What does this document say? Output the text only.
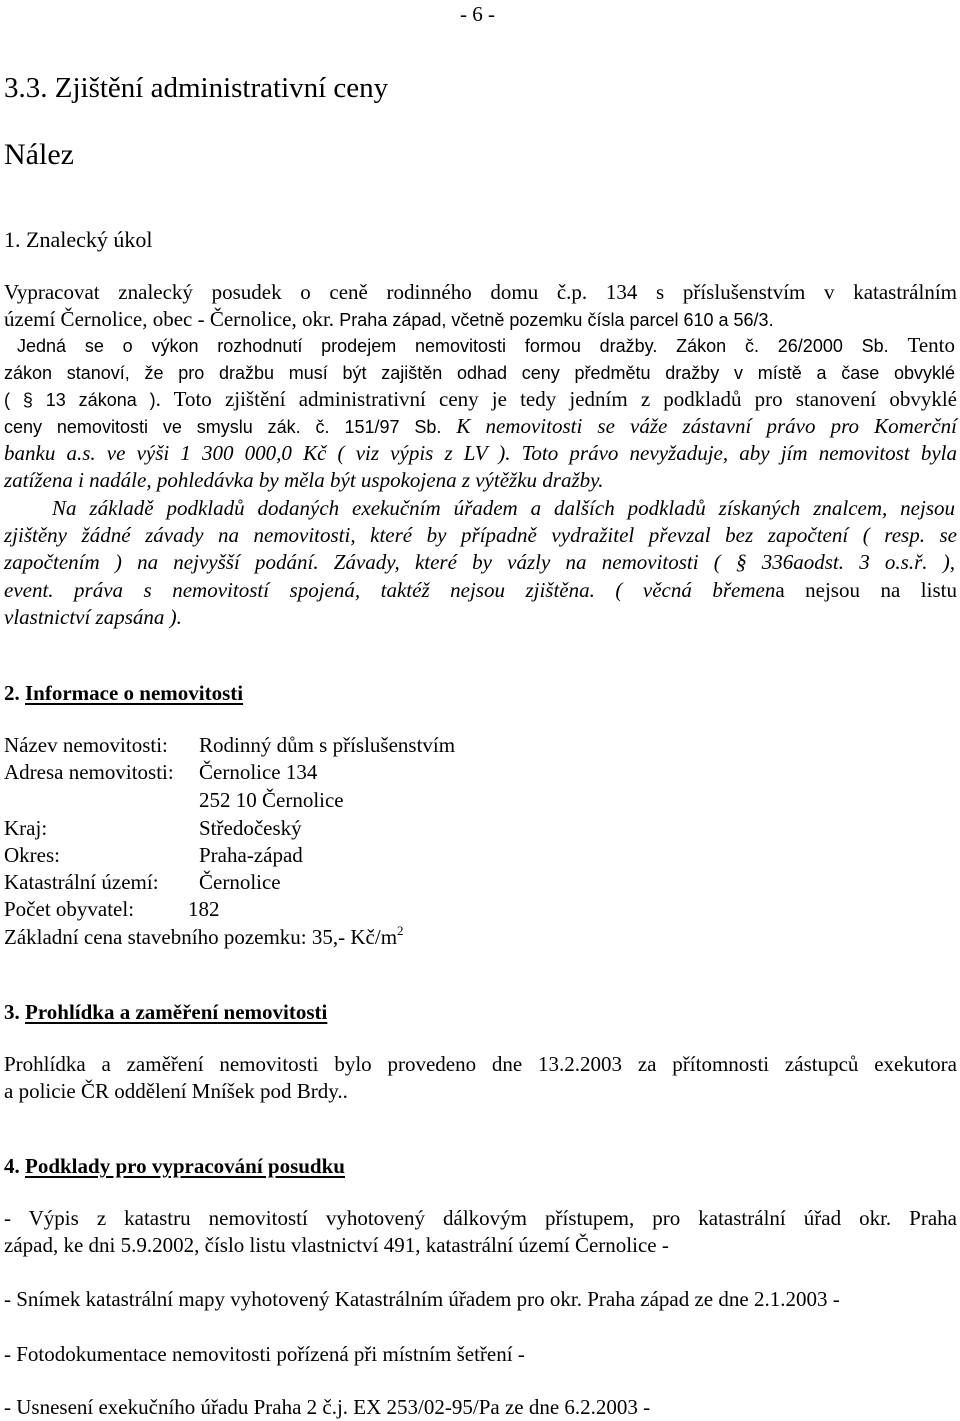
- 6 -
3.3. Zjištění administrativní ceny
Nález
1. Znalecký úkol
Vypracovat znalecký posudek o ceně rodinného domu č.p. 134 s příslušenstvím v katastrálním
území Černolice, obec - Černolice, okr. Praha západ, včetně pozemku čísla parcel 610 a 56/3.
Jedná se o výkon rozhodnutí prodejem nemovitosti formou dražby. Zákon č. 26/2000 Sb. Tento
zákon stanoví, že pro dražbu musí být zajištěn odhad ceny předmětu dražby v místě a čase obvyklé
( § 13 zákona ). Toto zjištění administrativní ceny je tedy jedním z podkladů pro stanovení obvyklé
ceny nemovitosti ve smyslu zák. č. 151/97 Sb. K nemovitosti se váže zástavní právo pro Komerční
banku a.s. ve výši 1 300 000,0 Kč ( viz výpis z LV ). Toto právo nevyžaduje, aby jím nemovitost byla
zatížena i nadále, pohledávka by měla být uspokojena z výtěžku dražby.
Na základě podkladů dodaných exekučním úřadem a dalších podkladů získaných znalcem, nejsou
zjištěny žádné závady na nemovitosti, které by případně vydražitel převzal bez započtení ( resp. se
započtením ) na nejvyšší podání. Závady, které by vázly na nemovitosti ( § 336aodst. 3 o.s.ř. ),
event. práva s nemovitostí spojená, taktéž nejsou zjištěna. ( věcná břemena nejsou na listu
vlastnictví zapsána ).
2. Informace o nemovitosti
Název nemovitosti: Rodinný dům s příslušenstvím
Adresa nemovitosti: Černolice 134
252 10 Černolice
Kraj:	Středočeský
Okres:	Praha-západ
Katastrální území: Černolice
Počet obyvatel:	182
Základní cena stavebního pozemku: 35,- $Kč/m^2$
3. Prohlídka a zaměření nemovitosti
Prohlídka a zaměření nemovitosti bylo provedeno dne 13.2.2003 za přítomnosti zástupců exekutora
a policie ČR oddělení Mníšek pod Brdy..
4. Podklady pro vypracování posudku
- Výpis z katastru nemovitostí vyhotovený dálkovým přístupem, pro katastrální úřad okr. Praha
západ, ke dni 5.9.2002, číslo listu vlastnictví 491, katastrální území Černolice -
- Snímek katastrální mapy vyhotovený Katastrálním úřadem pro okr. Praha západ ze dne 2.1.2003 -
- Fotodokumentace nemovitosti pořízená při místním šetření -
- Usnesení exekučního úřadu Praha 2 č.j. EX 253/02-95/Pa ze dne 6.2.2003 -
